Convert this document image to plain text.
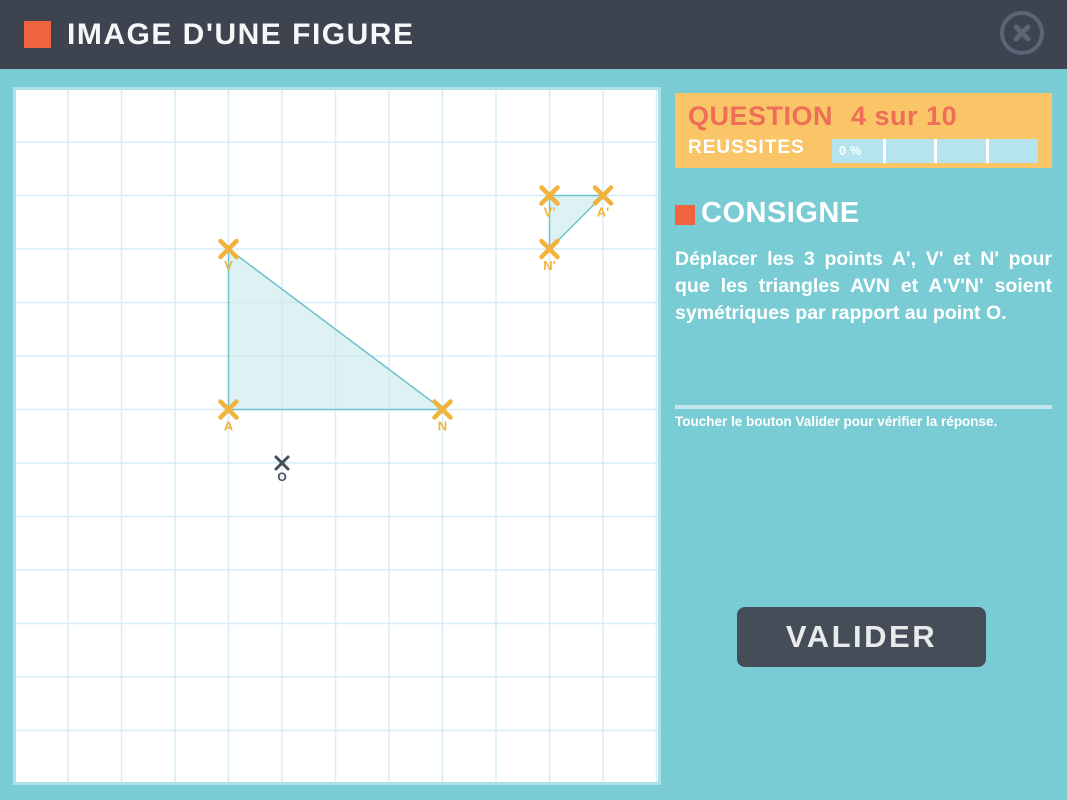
IMAGE D'UNE FIGURE
V
A	N
V'	A'
N'
O
QUESTION 4 sur 10
REUSSITES	0 %
CONSIGNE
Déplacer les 3 points A', V' et N' pour que les triangles AVN et A'V'N' soient symétriques par rapport au point O.
Toucher le bouton Valider pour vérifier la réponse.
VALIDER
